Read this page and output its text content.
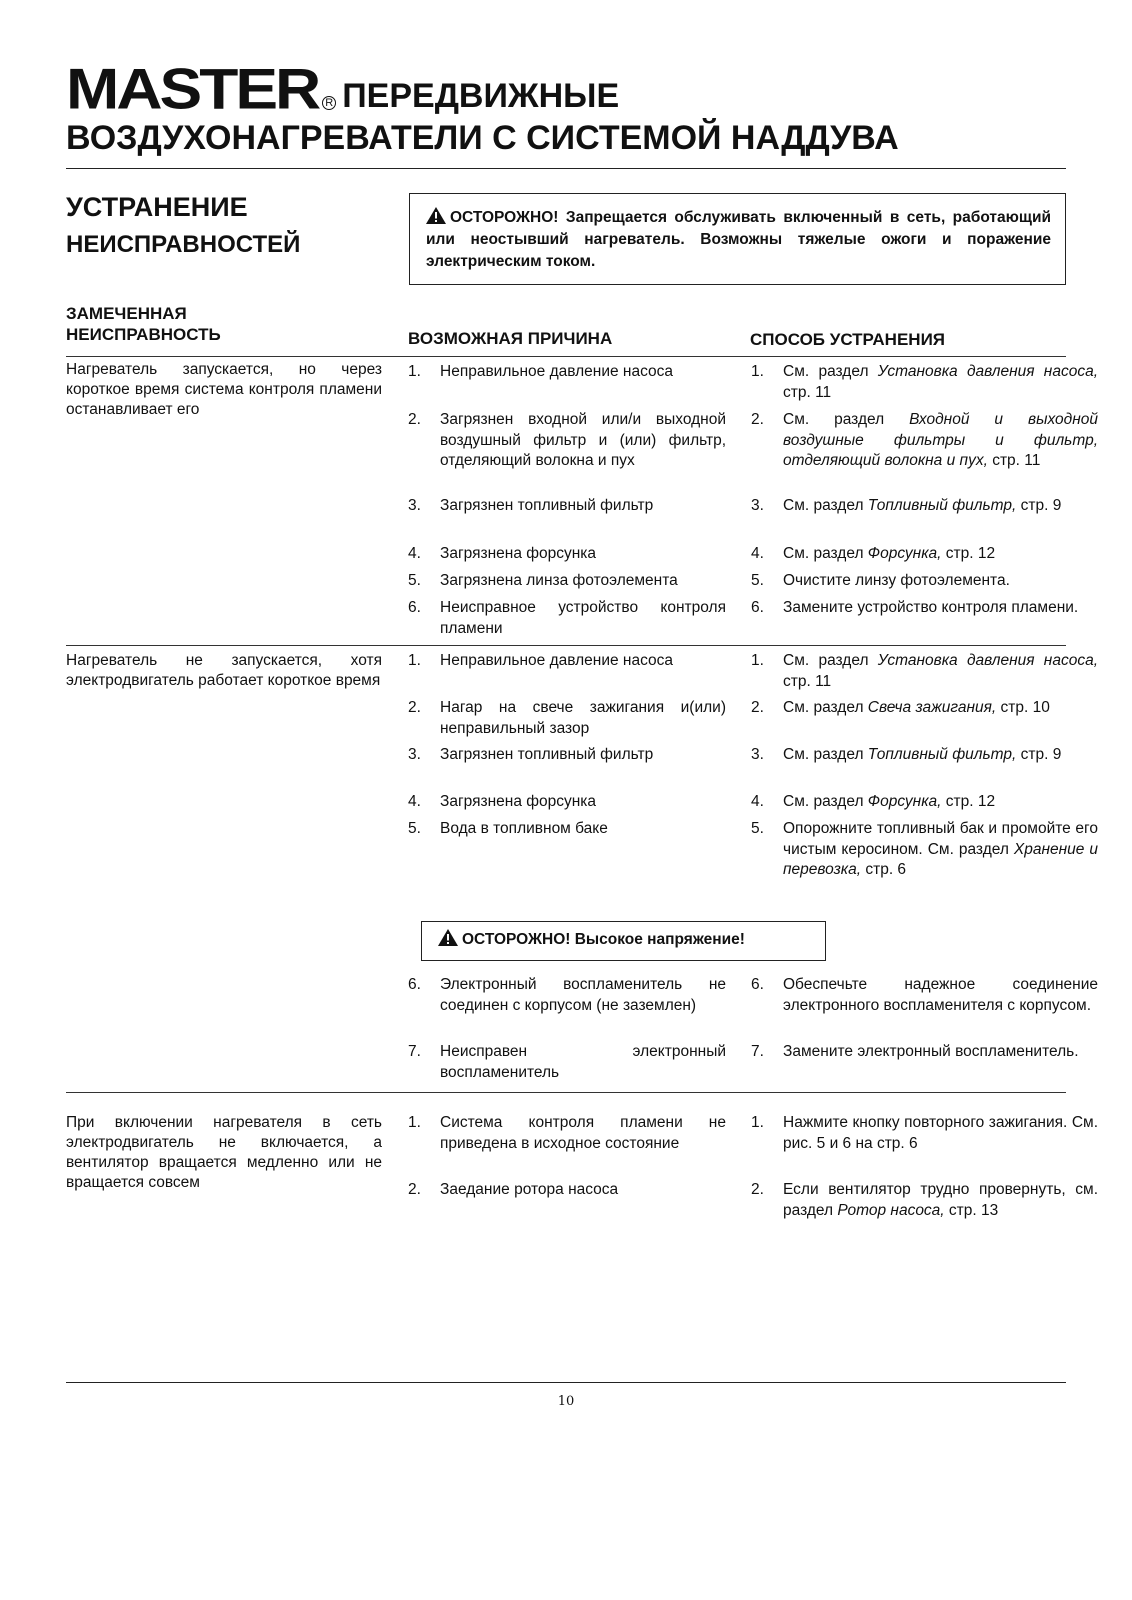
MASTER R ПЕРЕДВИЖНЫЕ
ВОЗДУХОНАГРЕВАТЕЛИ С СИСТЕМОЙ НАДДУВА
УСТРАНЕНИЕ
НЕИСПРАВНОСТЕЙ
ОСТОРОЖНО! Запрещается обслуживать включенный в сеть, работающий или неостывший нагреватель. Возможны тяжелые ожоги и поражение электрическим током.
ЗАМЕЧЕННАЯ
НЕИСПРАВНОСТЬ	ВОЗМОЖНАЯ ПРИЧИНА	СПОСОБ УСТРАНЕНИЯ
Нагреватель запускается, но через короткое время система контроля пламени останавливает его
1. Неправильное давление насоса
2. Загрязнен входной или/и выходной воздушный фильтр и (или) фильтр, отделяющий волокна и пух
3. Загрязнен топливный фильтр
4. Загрязнена форсунка
5. Загрязнена линза фотоэлемента
6. Неисправное устройство контроля пламени
1. См. раздел Установка давления насоса, стр. 11
2. См. раздел Входной и выходной воздушные фильтры и фильтр, отделяющий волокна и пух, стр. 11
3. См. раздел Топливный фильтр, стр. 9
4. См. раздел Форсунка, стр. 12
5. Очистите линзу фотоэлемента.
6. Замените устройство контроля пламени.
Нагреватель не запускается, хотя электродвигатель работает короткое время
1. Неправильное давление насоса
2. Нагар на свече зажигания и(или) неправильный зазор
3. Загрязнен топливный фильтр
4. Загрязнена форсунка
5. Вода в топливном баке
1. См. раздел Установка давления насоса, стр. 11
2. См. раздел Свеча зажигания, стр. 10
3. См. раздел Топливный фильтр, стр. 9
4. См. раздел Форсунка, стр. 12
5. Опорожните топливный бак и промойте его чистым керосином. См. раздел Хранение и перевозка, стр. 6
ОСТОРОЖНО! Высокое напряжение!
6. Электронный воспламенитель не соединен с корпусом (не заземлен)
7. Неисправен электронный воспламенитель
6. Обеспечьте надежное соединение электронного воспламенителя с корпусом.
7. Замените электронный воспламенитель.
При включении нагревателя в сеть электродвигатель не включается, а вентилятор вращается медленно или не вращается совсем
1. Система контроля пламени не приведена в исходное состояние
2. Заедание ротора насоса
1. Нажмите кнопку повторного зажигания. См. рис. 5 и 6 на стр. 6
2. Если вентилятор трудно провернуть, см. раздел Ротор насоса, стр. 13
10
